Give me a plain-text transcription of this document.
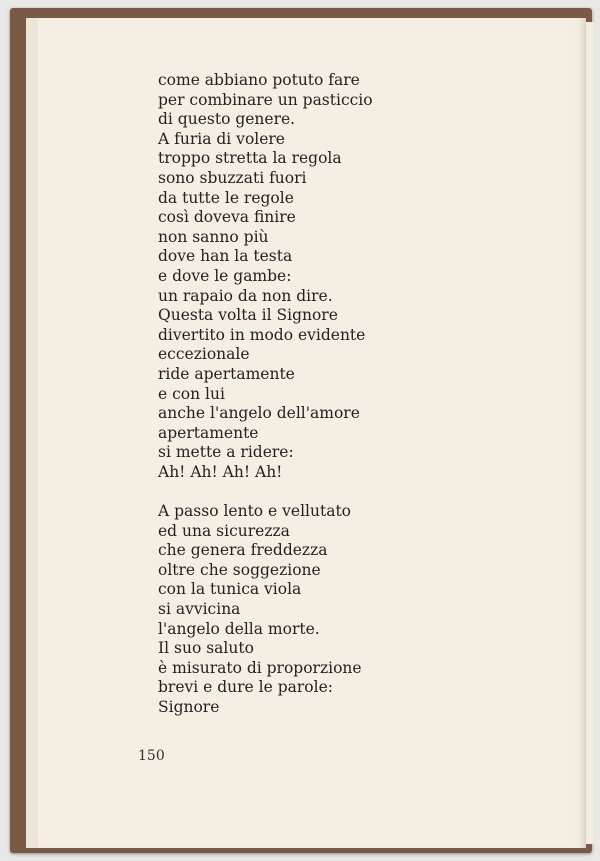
come abbiano potuto fare
per combinare un pasticcio
di questo genere.
A furia di volere
troppo stretta la regola
sono sbuzzati fuori
da tutte le regole
così doveva finire
non sanno più
dove han la testa
e dove le gambe:
un rapaio da non dire.
Questa volta il Signore
divertito in modo evidente
eccezionale
ride apertamente
e con lui
anche l'angelo dell'amore
apertamente
si mette a ridere:
Ah! Ah! Ah! Ah!
A passo lento e vellutato
ed una sicurezza
che genera freddezza
oltre che soggezione
con la tunica viola
si avvicina
l'angelo della morte.
Il suo saluto
è misurato di proporzione
brevi e dure le parole:
Signore
150
